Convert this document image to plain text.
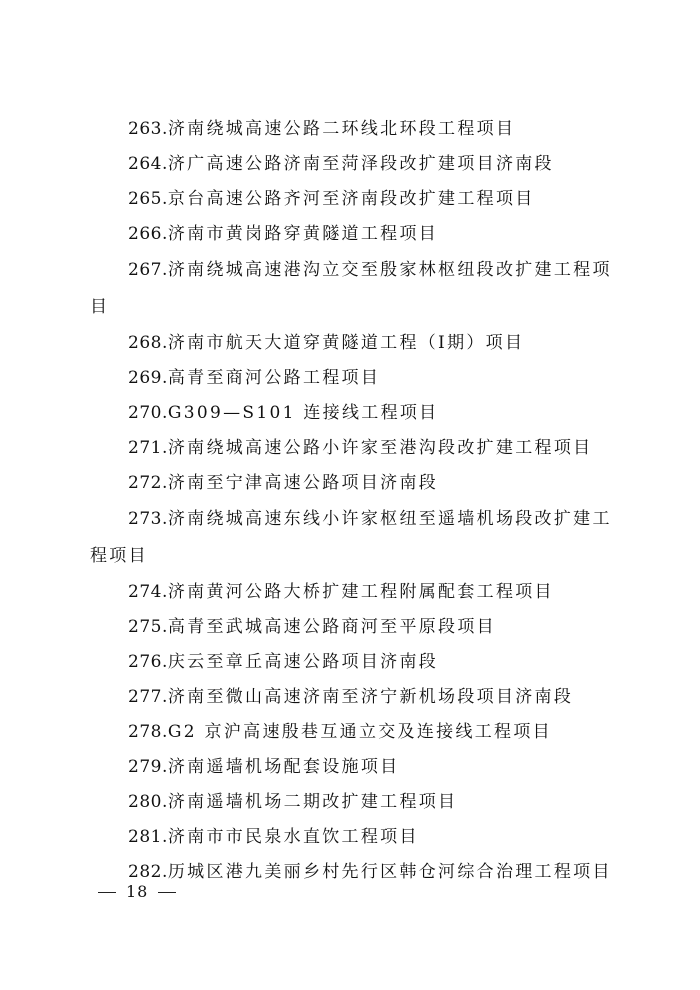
263.济南绕城高速公路二环线北环段工程项目
264.济广高速公路济南至菏泽段改扩建项目济南段
265.京台高速公路齐河至济南段改扩建工程项目
266.济南市黄岗路穿黄隧道工程项目
267.济南绕城高速港沟立交至殷家林枢纽段改扩建工程项目
268.济南市航天大道穿黄隧道工程（I期）项目
269.高青至商河公路工程项目
270.G309—S101 连接线工程项目
271.济南绕城高速公路小许家至港沟段改扩建工程项目
272.济南至宁津高速公路项目济南段
273.济南绕城高速东线小许家枢纽至遥墙机场段改扩建工程项目
274.济南黄河公路大桥扩建工程附属配套工程项目
275.高青至武城高速公路商河至平原段项目
276.庆云至章丘高速公路项目济南段
277.济南至微山高速济南至济宁新机场段项目济南段
278.G2 京沪高速殷巷互通立交及连接线工程项目
279.济南遥墙机场配套设施项目
280.济南遥墙机场二期改扩建工程项目
281.济南市市民泉水直饮工程项目
282.历城区港九美丽乡村先行区韩仓河综合治理工程项目
18
